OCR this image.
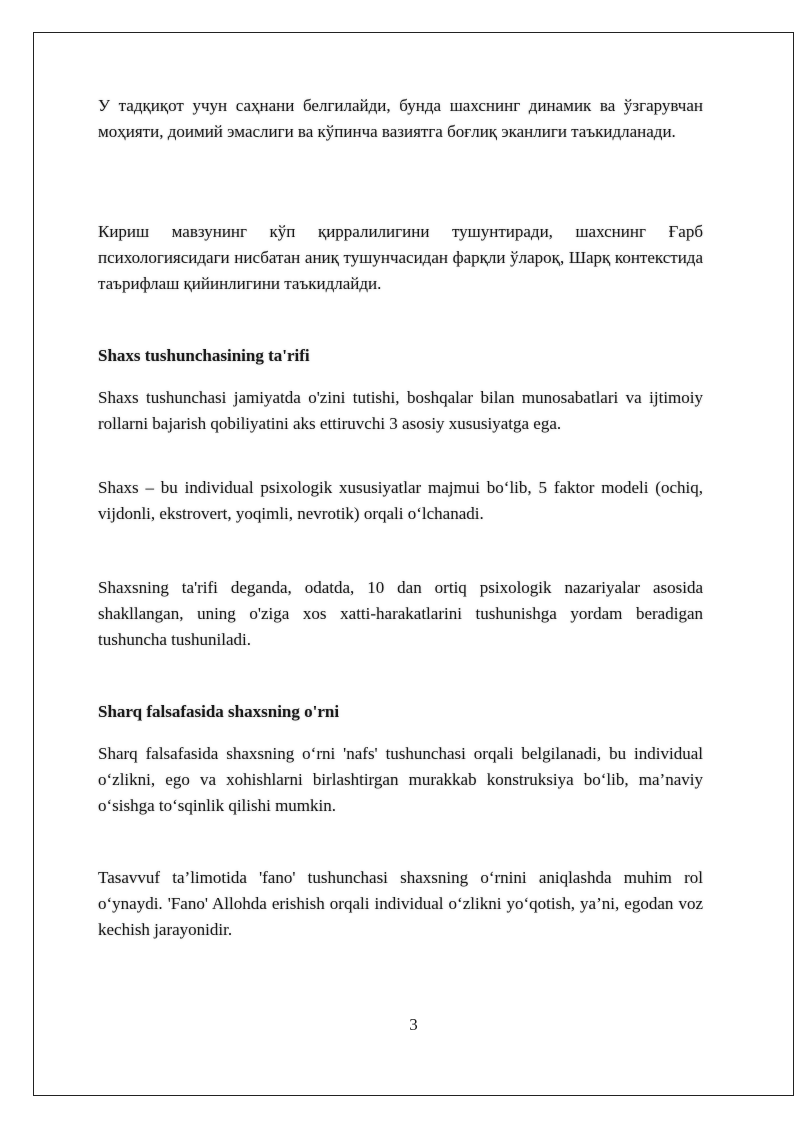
У тадқиқот учун саҳнани белгилайди, бунда шахснинг динамик ва ўзгарувчан моҳияти, доимий эмаслиги ва кўпинча вазиятга боғлиқ эканлиги таъкидланади.

Кириш мавзунинг кўп қирралилигини тушунтиради, шахснинг Ғарб психологиясидаги нисбатан аниқ тушунчасидан фарқли ўлароқ, Шарқ контекстида таърифлаш қийинлигини таъкидлайди.

Shaxs tushunchasining ta'rifi

Shaxs tushunchasi jamiyatda o'zini tutishi, boshqalar bilan munosabatlari va ijtimoiy rollarni bajarish qobiliyatini aks ettiruvchi 3 asosiy xususiyatga ega.

Shaxs – bu individual psixologik xususiyatlar majmui bo‘lib, 5 faktor modeli (ochiq, vijdonli, ekstrovert, yoqimli, nevrotik) orqali o‘lchanadi.

Shaxsning ta'rifi deganda, odatda, 10 dan ortiq psixologik nazariyalar asosida shakllangan, uning o'ziga xos xatti-harakatlarini tushunishga yordam beradigan tushuncha tushuniladi.

Sharq falsafasida shaxsning o'rni

Sharq falsafasida shaxsning o‘rni 'nafs' tushunchasi orqali belgilanadi, bu individual o‘zlikni, ego va xohishlarni birlashtirgan murakkab konstruksiya bo‘lib, ma’naviy o‘sishga to‘sqinlik qilishi mumkin.

Tasavvuf ta’limotida 'fano' tushunchasi shaxsning o‘rnini aniqlashda muhim rol o‘ynaydi. 'Fano' Allohda erishish orqali individual o‘zlikni yo‘qotish, ya’ni, egodan voz kechish jarayonidir.

3
